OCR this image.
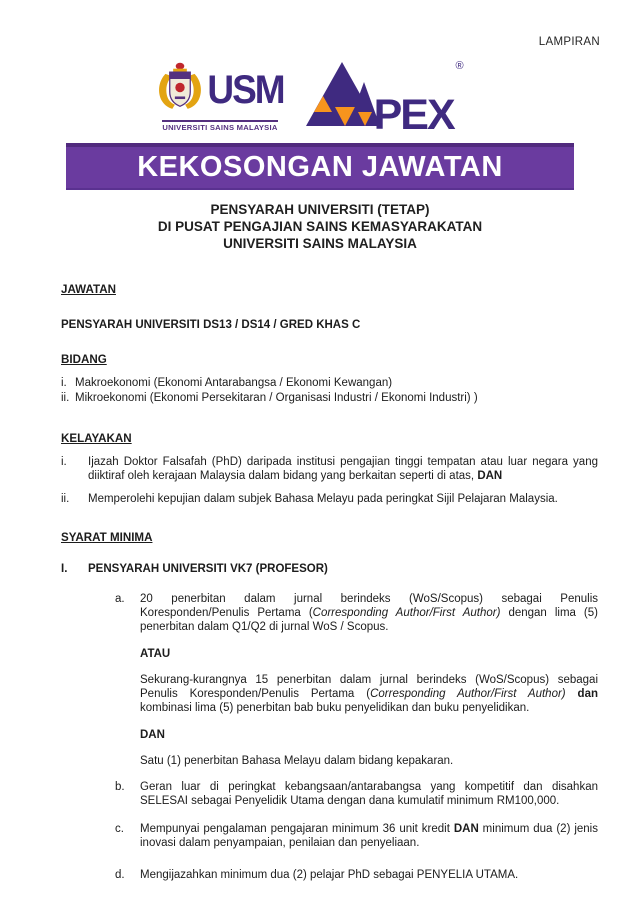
LAMPIRAN
USM
UNIVERSITI SAINS MALAYSIA PEX
®
KEKOSONGAN JAWATAN
PENSYARAH UNIVERSITI (TETAP)
DI PUSAT PENGAJIAN SAINS KEMASYARAKATAN
UNIVERSITI SAINS MALAYSIA
JAWATAN
PENSYARAH UNIVERSITI DS13 / DS14 / GRED KHAS C
BIDANG
i. Makroekonomi (Ekonomi Antarabangsa / Ekonomi Kewangan)
ii. Mikroekonomi (Ekonomi Persekitaran / Organisasi Industri / Ekonomi Industri) )
KELAYAKAN
i.	Ijazah Doktor Falsafah (PhD) daripada institusi pengajian tinggi tempatan atau luar negara yang diiktiraf oleh kerajaan Malaysia dalam bidang yang berkaitan seperti di atas, DAN
ii.	Memperolehi kepujian dalam subjek Bahasa Melayu pada peringkat Sijil Pelajaran Malaysia.
SYARAT MINIMA
I.	PENSYARAH UNIVERSITI VK7 (PROFESOR)
a.	20 penerbitan dalam jurnal berindeks (WoS/Scopus) sebagai Penulis Koresponden/Penulis Pertama (Corresponding Author/First Author) dengan lima (5) penerbitan dalam Q1/Q2 di jurnal WoS / Scopus.

ATAU

Sekurang-kurangnya 15 penerbitan dalam jurnal berindeks (WoS/Scopus) sebagai Penulis Koresponden/Penulis Pertama (Corresponding Author/First Author) dan kombinasi lima (5) penerbitan bab buku penyelidikan dan buku penyelidikan.

DAN

Satu (1) penerbitan Bahasa Melayu dalam bidang kepakaran.

b.	Geran luar di peringkat kebangsaan/antarabangsa yang kompetitif dan disahkan SELESAI sebagai Penyelidik Utama dengan dana kumulatif minimum RM100,000.

c.	Mempunyai pengalaman pengajaran minimum 36 unit kredit DAN minimum dua (2) jenis inovasi dalam penyampaian, penilaian dan penyeliaan.

d.	Mengijazahkan minimum dua (2) pelajar PhD sebagai PENYELIA UTAMA.
